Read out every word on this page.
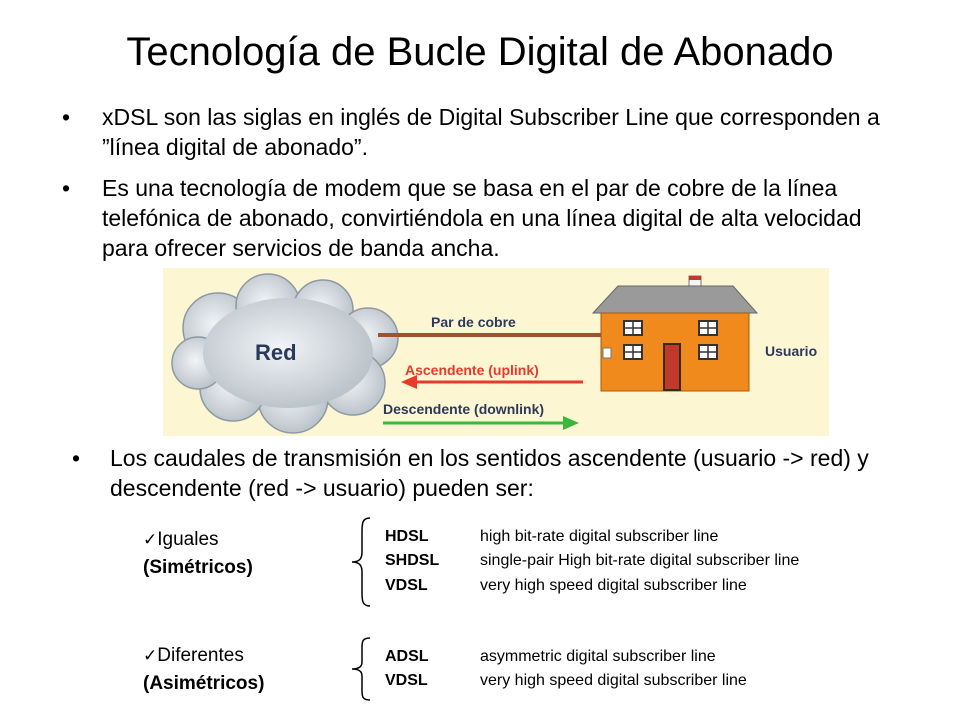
Tecnología de Bucle Digital de Abonado
• xDSL son las siglas en inglés de Digital Subscriber Line que corresponden a ”línea digital de abonado”.
• Es una tecnología de modem que se basa en el par de cobre de la línea telefónica de abonado, convirtiéndola en una línea digital de alta velocidad para ofrecer servicios de banda ancha.
Red
Par de cobre
Ascendente (uplink)
Descendente (downlink)
Usuario
• Los caudales de transmisión en los sentidos ascendente (usuario -> red) y descendente (red -> usuario) pueden ser:
✓Iguales
(Simétricos)
HDSL	high bit-rate digital subscriber line
SHDSL	single-pair High bit-rate digital subscriber line
VDSL	very high speed digital subscriber line
✓Diferentes
(Asimétricos)
ADSL	asymmetric digital subscriber line
VDSL	very high speed digital subscriber line
